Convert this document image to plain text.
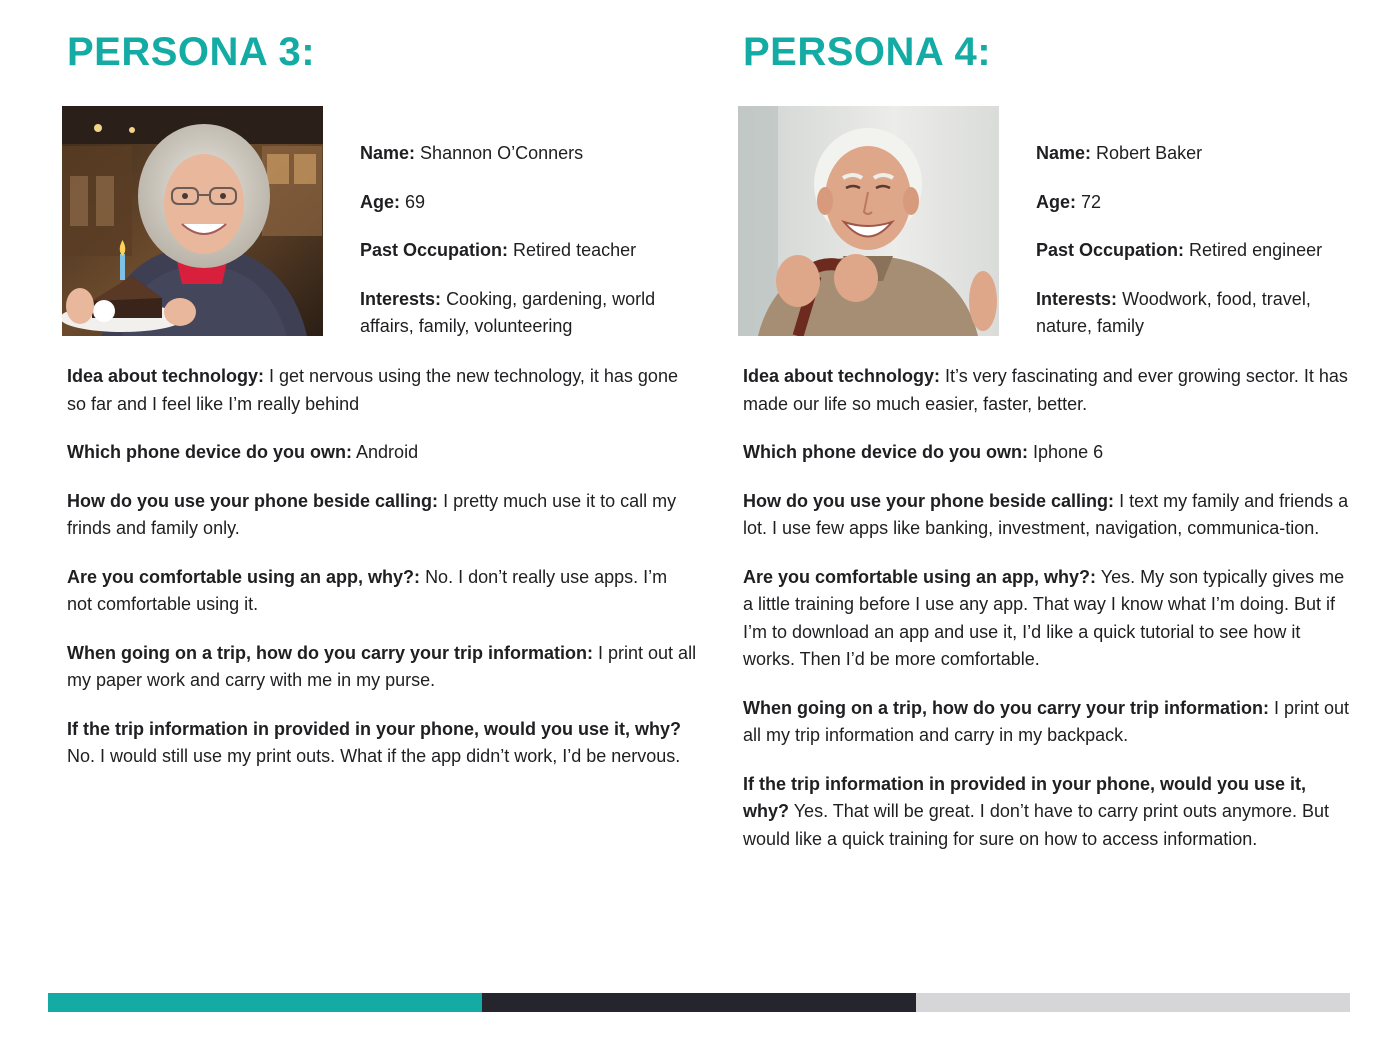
PERSONA 3:

Name: Shannon O’Conners

Age: 69

Past Occupation: Retired teacher

Interests: Cooking, gardening, world affairs, family, volunteering

Idea about technology: I get nervous using the new technology, it has gone so far and I feel like I’m really behind

Which phone device do you own: Android

How do you use your phone beside calling: I pretty much use it to call my frinds and family only.

Are you comfortable using an app, why?: No. I don’t really use apps. I’m not comfortable using it.

When going on a trip, how do you carry your trip information: I print out all my paper work and carry with me in my purse.

If the trip information in provided in your phone, would you use it, why? No. I would still use my print outs. What if the app didn’t work, I’d be nervous.

PERSONA 4:

Name: Robert Baker

Age: 72

Past Occupation: Retired engineer

Interests: Woodwork, food, travel, nature, family

Idea about technology: It’s very fascinating and ever growing sector. It has made our life so much easier, faster, better.

Which phone device do you own: Iphone 6

How do you use your phone beside calling: I text my family and friends a lot. I use few apps like banking, investment, navigation, communica-tion.

Are you comfortable using an app, why?: Yes. My son typically gives me a little training before I use any app. That way I know what I’m doing. But if I’m to download an app and use it, I’d like a quick tutorial to see how it works. Then I’d be more comfortable.

When going on a trip, how do you carry your trip information: I print out all my trip information and carry in my backpack.

If the trip information in provided in your phone, would you use it, why? Yes. That will be great. I don’t have to carry print outs anymore. But would like a quick training for sure on how to access information.
